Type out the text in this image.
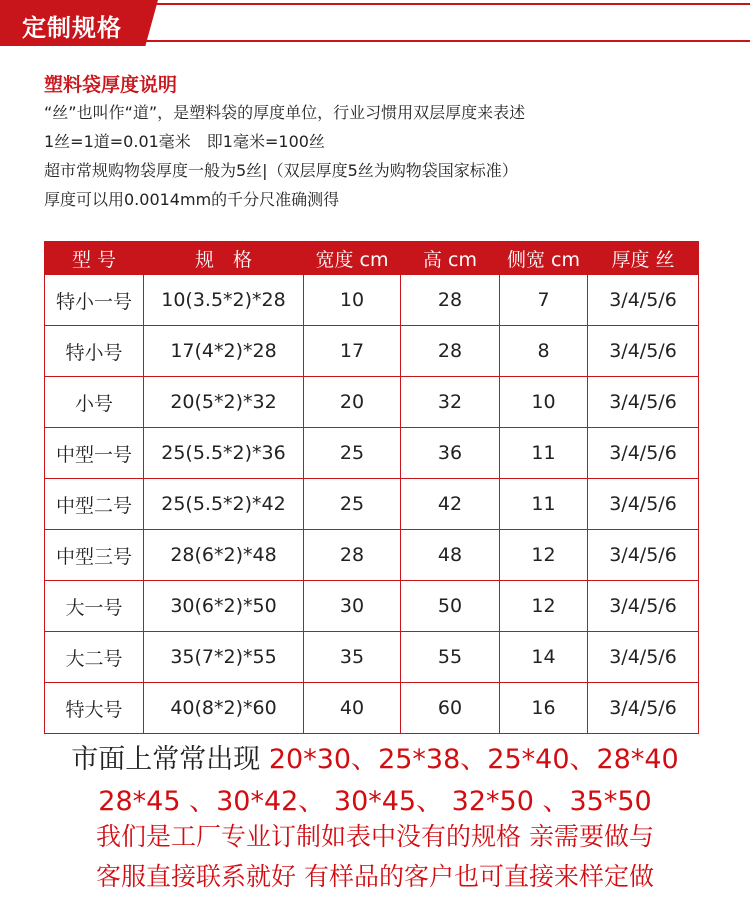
定制规格
塑料袋厚度说明
“丝”也叫作“道”，是塑料袋的厚度单位，行业习惯用双层厚度来表述
1丝=1道=0.01毫米　即1毫米=100丝
超市常规购物袋厚度一般为5丝|（双层厚度5丝为购物袋国家标准）
厚度可以用0.0014mm的千分尺准确测得
型 号	规　格	宽度 cm	高 cm	侧宽 cm	厚度 丝
特小一号	10(3.5*2)*28	10	28	7	3/4/5/6
特小号	17(4*2)*28	17	28	8	3/4/5/6
小号	20(5*2)*32	20	32	10	3/4/5/6
中型一号	25(5.5*2)*36	25	36	11	3/4/5/6
中型二号	25(5.5*2)*42	25	42	11	3/4/5/6
中型三号	28(6*2)*48	28	48	12	3/4/5/6
大一号	30(6*2)*50	30	50	12	3/4/5/6
大二号	35(7*2)*55	35	55	14	3/4/5/6
特大号	40(8*2)*60	40	60	16	3/4/5/6
市面上常常出现 20*30、25*38、25*40、28*40
28*45 、30*42、 30*45、 32*50 、35*50
我们是工厂专业订制如表中没有的规格 亲需要做与
客服直接联系就好 有样品的客户也可直接来样定做
